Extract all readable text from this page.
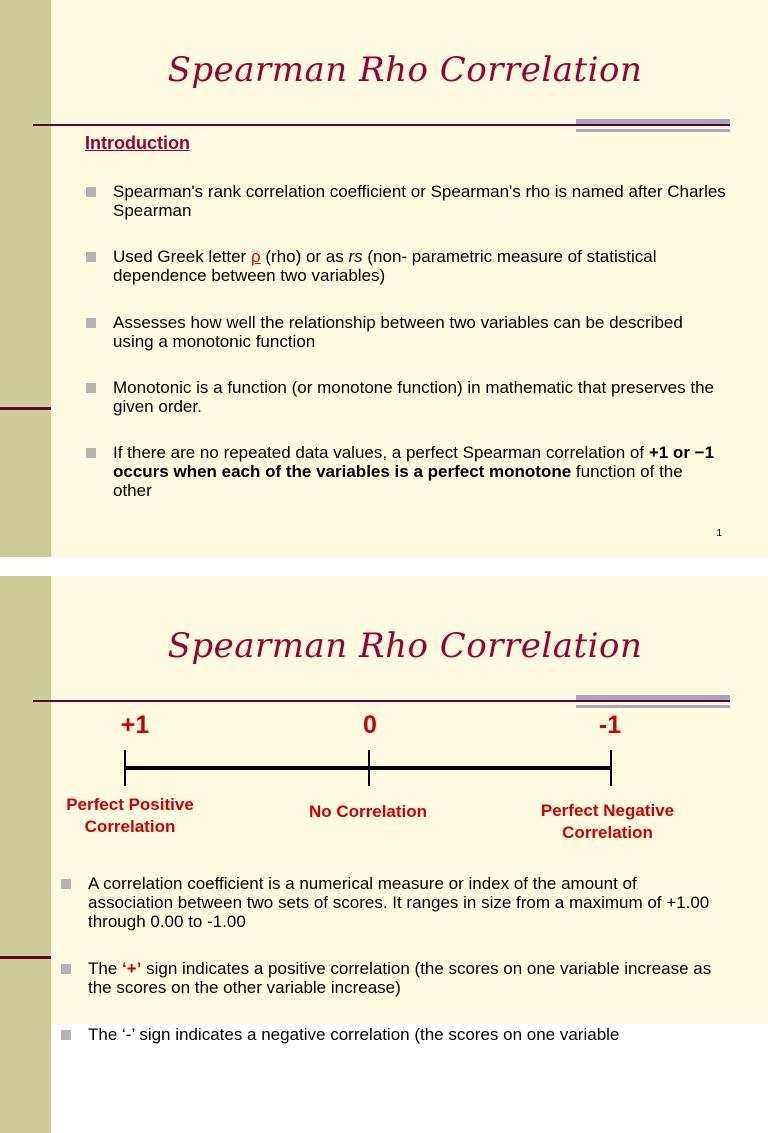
Spearman Rho Correlation
Introduction
Spearman's rank correlation coefficient or Spearman's rho is named after Charles Spearman
Used Greek letter ρ (rho) or as rs (non- parametric measure of statistical dependence between two variables)
Assesses how well the relationship between two variables can be described using a monotonic function
Monotonic is a function (or monotone function) in mathematic that preserves the given order.
If there are no repeated data values, a perfect Spearman correlation of +1 or −1 occurs when each of the variables is a perfect monotone function of the other
1
Spearman Rho Correlation
+1	0	-1
Perfect Positive Correlation
No Correlation	Perfect Negative Correlation
A correlation coefficient is a numerical measure or index of the amount of association between two sets of scores. It ranges in size from a maximum of +1.00 through 0.00 to -1.00
The ‘+’ sign indicates a positive correlation (the scores on one variable increase as the scores on the other variable increase)
The ‘-’ sign indicates a negative correlation (the scores on one variable
